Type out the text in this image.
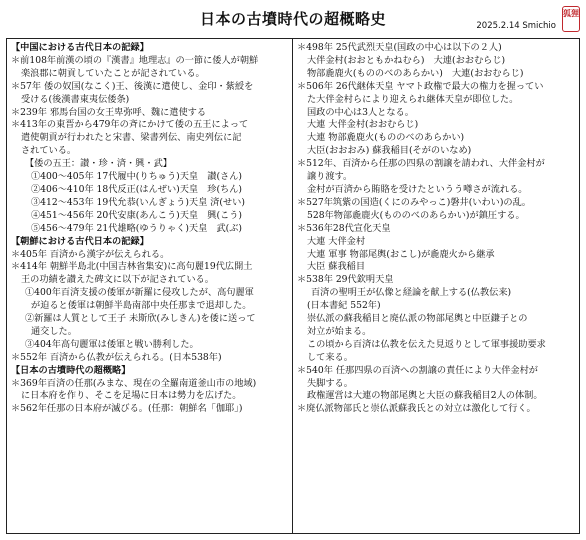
日本の古墳時代の超概略史	2025.2.14 Smichio
狐狸
【中国における古代日本の記録】
＊前108年前漢の頃の『漢書』地理志』の一節に倭人が朝鮮
楽浪郡に朝貢していたことが記されている。
＊57年 倭の奴国(なこく)王、後漢に遣使し、金印・紫綬を
受ける(後漢書東夷伝倭条)
＊239年 邪馬台国の女王卑弥呼、魏に遣使する
＊413年の東晋から479年の斉にかけて倭の五王によって
遣使朝貢が行われたと宋書、梁書列伝、南史列伝に記
されている。
【倭の五王：讃・珍・済・興・武】
①400～405年 17代履中(りちゅう)天皇　讃(さん)
②406～410年 18代反正(はんぜい)天皇　珍(ちん)
③412～453年 19代允恭(いんぎょう)天皇 済(せい)
④451～456年 20代安康(あんこう)天皇　興(こう)
⑤456～479年 21代雄略(ゆうりゃく)天皇　武(ぶ)
【朝鮮における古代日本の記録】
＊405年 百済から漢字が伝えられる。
＊414年 朝鮮半島北(中国吉林省集安)に高句麗19代広開土
王の功績を讃えた碑文に以下が記されている。
①400年百済支援の倭軍が新羅に侵攻したが、高句麗軍
が迫ると倭軍は朝鮮半島南部中央任那まで退却した。
②新羅は人質として王子 未斯欣(みしきん)を倭に送って
通交した。
③404年高句麗軍は倭軍と戦い勝利した。
＊552年 百済から仏教が伝えられる。(日本538年)
【日本の古墳時代の超概略】
＊369年百済の任那(みまな、現在の全羅南道釜山市の地域)
に日本府を作り、そこを足場に日本は勢力を広げた。
＊562年任那の日本府が滅びる。(任那：朝鮮名「伽耶」)
＊498年 25代武烈天皇(国政の中心は以下の２人)
大伴金村(おおともかねむら)　大連(おおむらじ)
物部麁鹿火(もののべのあらかい)　大連(おおむらじ)
＊506年 26代継体天皇 ヤマト政権で最大の権力を握ってい
た大伴金村らにより迎えられ継体天皇が即位した。
国政の中心は3人となる。
大連 大伴金村(おおむらじ)
大連 物部麁鹿火(もののべのあらかい)
大臣(おおおみ) 蘇我稲目(そがのいなめ)
＊512年、百済から任那の四県の割譲を請われ、大伴金村が
譲り渡す。
金村が百済から賄賂を受けたというう噂さが流れる。
＊527年筑紫の国造(くにのみやっこ)磐井(いわい)の乱。
528年物部麁鹿火(もののべのあらかい)が鎮圧する。
＊536年28代宣化天皇
大連 大伴金村
大連 軍事 物部尾輿(おこし)が麁鹿火から継承
大臣 蘇我稲目
＊538年 29代欽明天皇
百済の聖明王が仏像と経論を献上する(仏教伝来)
(日本書紀 552年)
崇仏派の蘇我稲目と廃仏派の物部尾輿と中臣鎌子との
対立が始まる。
この頃から百済は仏教を伝えた見返りとして軍事援助要求
して来る。
＊540年 任那四県の百済への割譲の責任により大伴金村が
失脚する。
政権運営は大連の物部尾輿と大臣の蘇我稲目2人の体制。
＊廃仏派物部氏と崇仏派蘇我氏との対立は激化して行く。
